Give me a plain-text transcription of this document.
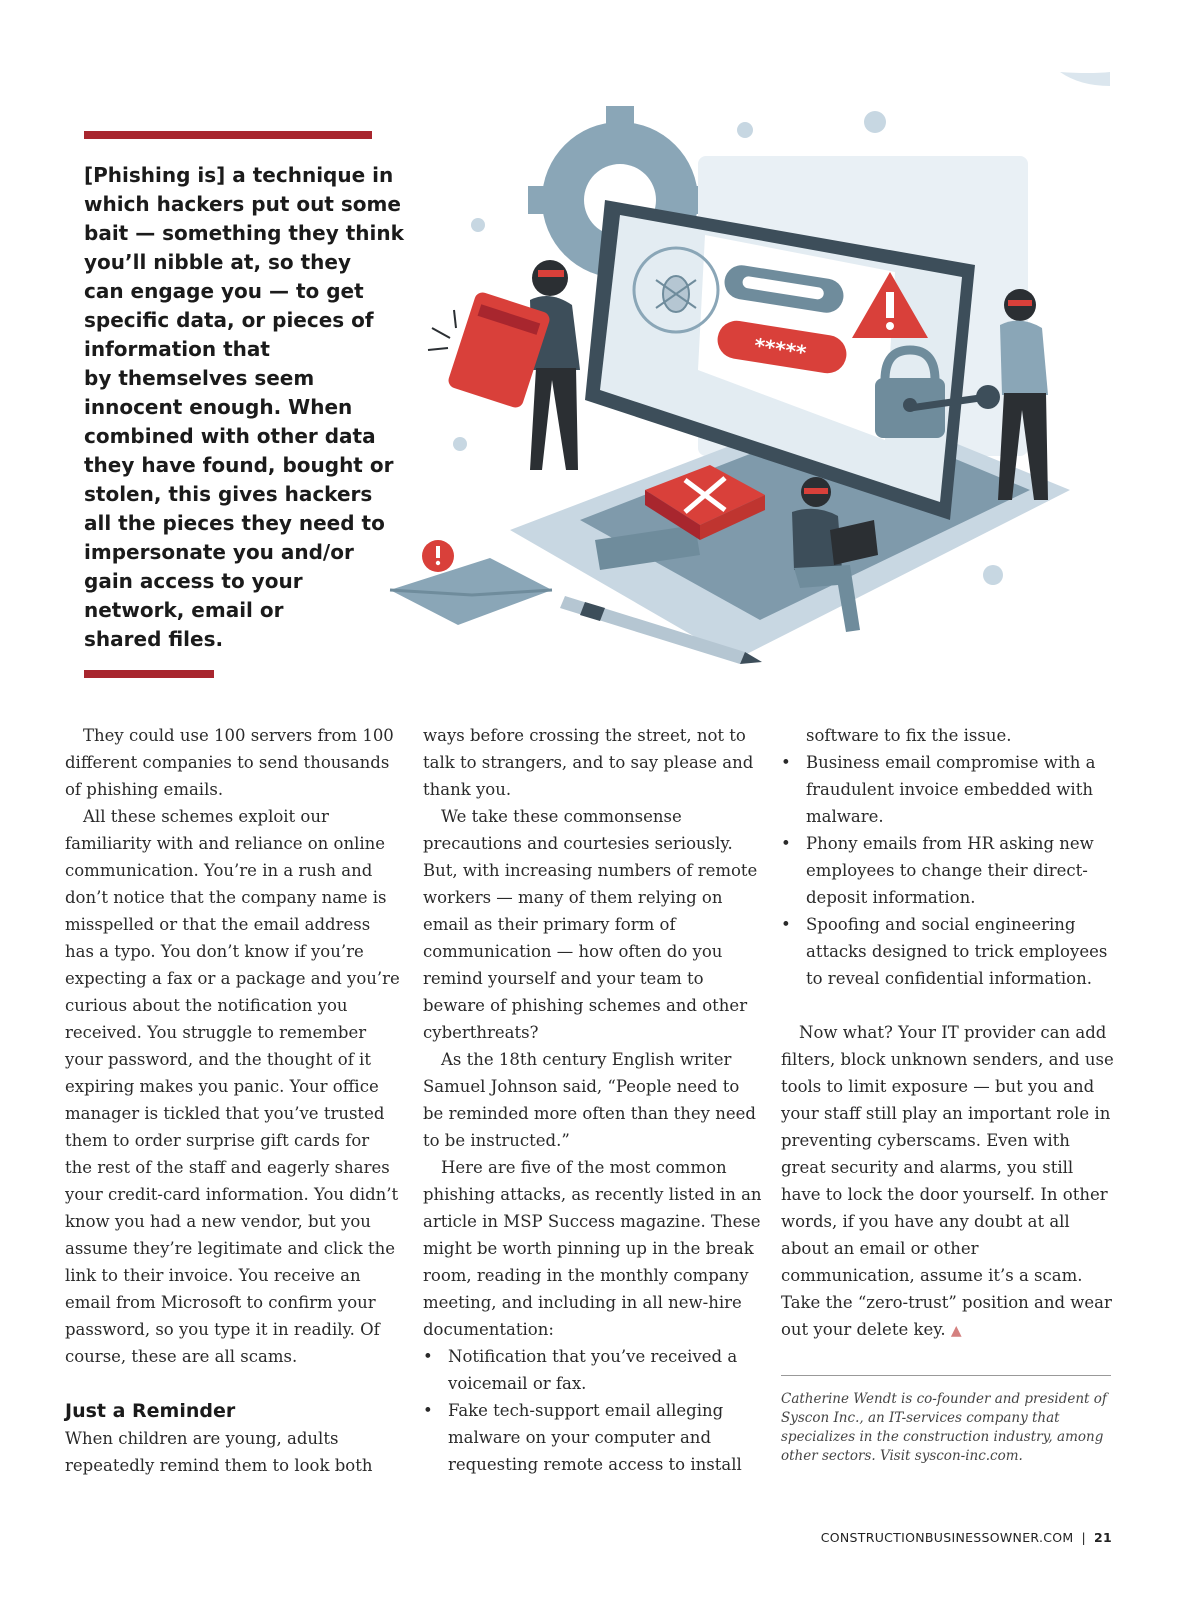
[Phishing is] a technique in
which hackers put out some
bait — something they think
you’ll nibble at, so they
can engage you — to get
specific data, or pieces of
information that
by themselves seem
innocent enough. When
combined with other data
they have found, bought or
stolen, this gives hackers
all the pieces they need to
impersonate you and/or
gain access to your
network, email or
shared files.
*****

They could use 100 servers from 100 different companies to send thousands of phishing emails.

All these schemes exploit our familiarity with and reliance on online communication. You’re in a rush and don’t notice that the company name is misspelled or that the email address has a typo. You don’t know if you’re expecting a fax or a package and you’re curious about the notification you received. You struggle to remember your password, and the thought of it expiring makes you panic. Your office manager is tickled that you’ve trusted them to order surprise gift cards for the rest of the staff and eagerly shares your credit-card information. You didn’t know you had a new vendor, but you assume they’re legitimate and click the link to their invoice. You receive an email from Microsoft to confirm your password, so you type it in readily. Of course, these are all scams.

Just a Reminder

When children are young, adults repeatedly remind them to look both

ways before crossing the street, not to talk to strangers, and to say please and thank you.

We take these commonsense precautions and courtesies seriously. But, with increasing numbers of remote workers — many of them relying on email as their primary form of communication — how often do you remind yourself and your team to beware of phishing schemes and other cyberthreats?

As the 18th century English writer Samuel Johnson said, “People need to be reminded more often than they need to be instructed.”

Here are five of the most common phishing attacks, as recently listed in an article in MSP Success magazine. These might be worth pinning up in the break room, reading in the monthly company meeting, and including in all new-hire documentation:

• Notification that you’ve received a voicemail or fax.
• Fake tech-support email alleging malware on your computer and requesting remote access to install
software to fix the issue.
• Business email compromise with a fraudulent invoice embedded with malware.
• Phony emails from HR asking new employees to change their direct-deposit information.
• Spoofing and social engineering attacks designed to trick employees to reveal confidential information.

Now what? Your IT provider can add filters, block unknown senders, and use tools to limit exposure — but you and your staff still play an important role in preventing cyberscams. Even with great security and alarms, you still have to lock the door yourself. In other words, if you have any doubt at all about an email or other communication, assume it’s a scam. Take the “zero-trust” position and wear out your delete key. ▲

Catherine Wendt is co-founder and president of Syscon Inc., an IT-services company that specializes in the construction industry, among other sectors. Visit syscon-inc.com.
CONSTRUCTIONBUSINESSOWNER.COM | 21
